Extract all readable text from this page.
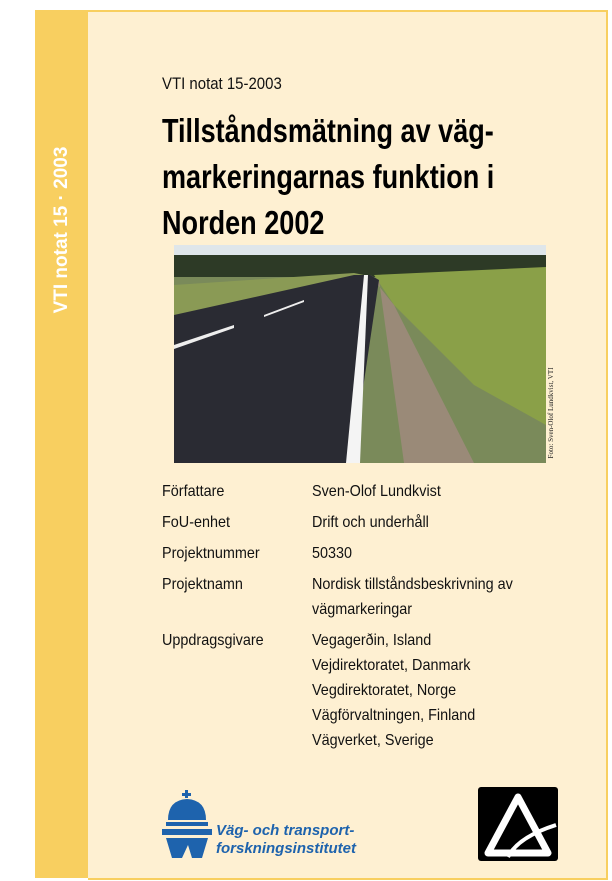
VTI notat 15 · 2003
VTI notat 15-2003
Tillståndsmätning av väg-
markeringarnas funktion i
Norden 2002
Foto: Sven-Olof Lundkvist, VTI
Författare	Sven-Olof Lundkvist
FoU-enhet	Drift och underhåll
Projektnummer	50330
Projektnamn	Nordisk tillståndsbeskrivning av
vägmarkeringar
Uppdragsgivare	Vegagerðin, Island
Vejdirektoratet, Danmark
Vegdirektoratet, Norge
Vägförvaltningen, Finland
Vägverket, Sverige
Väg- och transport-
forskningsinstitutet
